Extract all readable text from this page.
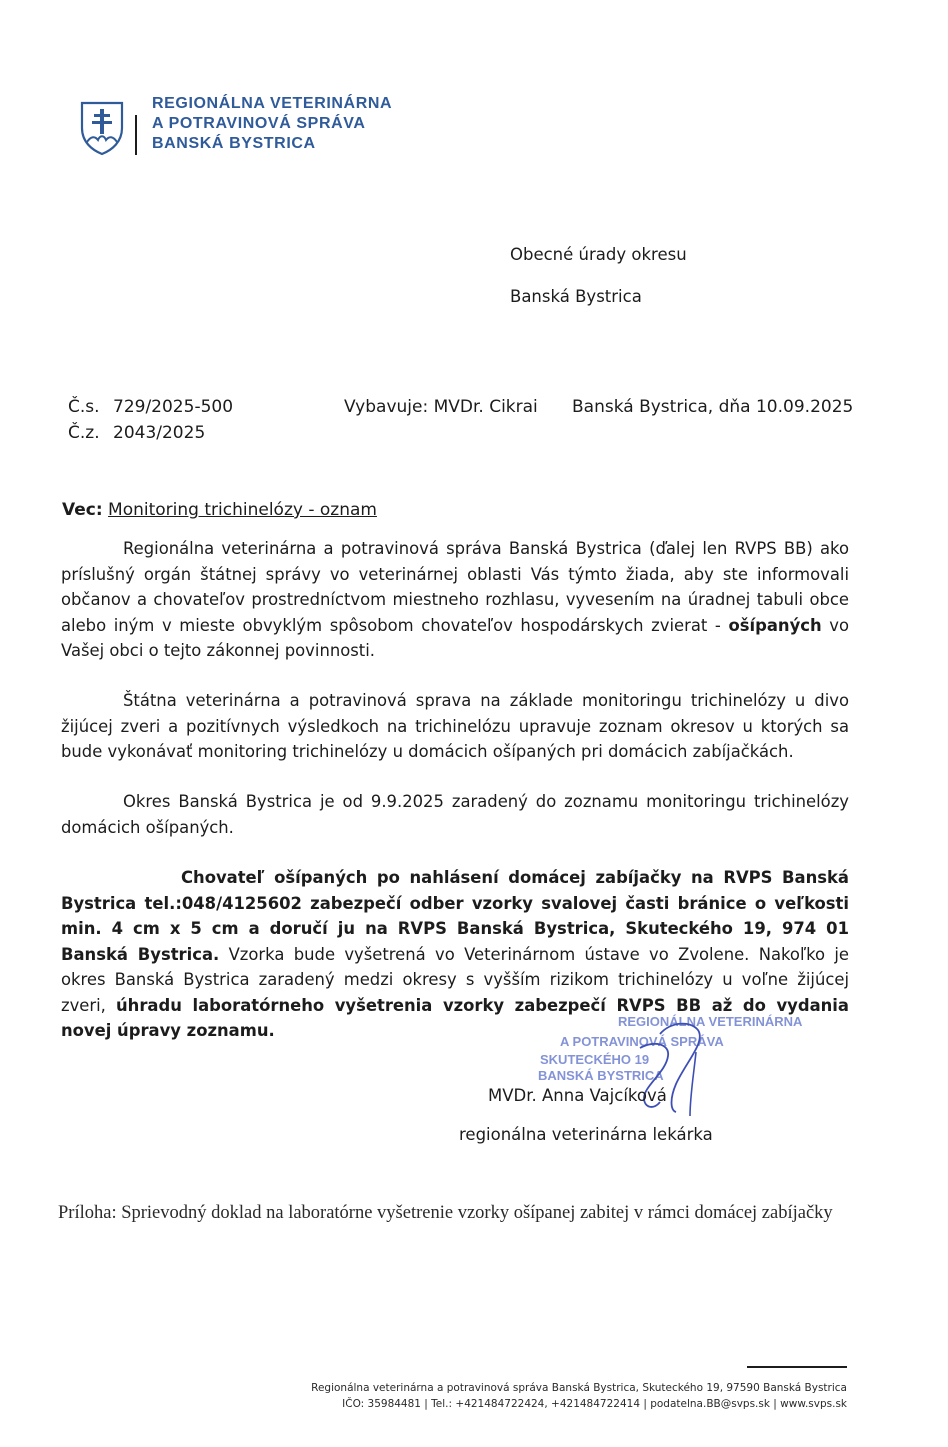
REGIONÁLNA VETERINÁRNA
A POTRAVINOVÁ SPRÁVA
BANSKÁ BYSTRICA
Obecné úrady okresu
Banská Bystrica
Č.s. 729/2025-500
Č.z. 2043/2025
Vybavuje: MVDr. Cikrai Banská Bystrica, dňa 10.09.2025
Vec: Monitoring trichinelózy - oznam
Regionálna veterinárna a potravinová správa Banská Bystrica (ďalej len RVPS BB) ako príslušný orgán štátnej správy vo veterinárnej oblasti Vás týmto žiada, aby ste informovali občanov a chovateľov prostredníctvom miestneho rozhlasu, vyvesením na úradnej tabuli obce alebo iným v mieste obvyklým spôsobom chovateľov hospodárskych zvierat - ošípaných vo Vašej obci o tejto zákonnej povinnosti.
Štátna veterinárna a potravinová sprava na základe monitoringu trichinelózy u divo žijúcej zveri a pozitívnych výsledkoch na trichinelózu upravuje zoznam okresov u ktorých sa bude vykonávať monitoring trichinelózy u domácich ošípaných pri domácich zabíjačkách.
Okres Banská Bystrica je od 9.9.2025 zaradený do zoznamu monitoringu trichinelózy domácich ošípaných.
Chovateľ ošípaných po nahlásení domácej zabíjačky na RVPS Banská Bystrica tel.:048/4125602 zabezpečí odber vzorky svalovej časti bránice o veľkosti min. 4 cm x 5 cm a doručí ju na RVPS Banská Bystrica, Skuteckého 19, 974 01 Banská Bystrica. Vzorka bude vyšetrená vo Veterinárnom ústave vo Zvolene. Nakoľko je okres Banská Bystrica zaradený medzi okresy s vyšším rizikom trichinelózy u voľne žijúcej zveri, úhradu laboratórneho vyšetrenia vzorky zabezpečí RVPS BB až do vydania novej úpravy zoznamu.	REGIONÁLNA VETERINÁRNA
A POTRAVINOVÁ SPRÁVA
SKUTECKÉHO 19
BANSKÁ BYSTRICA
MVDr. Anna Vajcíková
regionálna veterinárna lekárka
Príloha: Sprievodný doklad na laboratórne vyšetrenie vzorky ošípanej zabitej v rámci domácej zabíjačky
Regionálna veterinárna a potravinová správa Banská Bystrica, Skuteckého 19, 97590 Banská Bystrica
IČO: 35984481 | Tel.: +421484722424, +421484722414 | podatelna.BB@svps.sk | www.svps.sk
